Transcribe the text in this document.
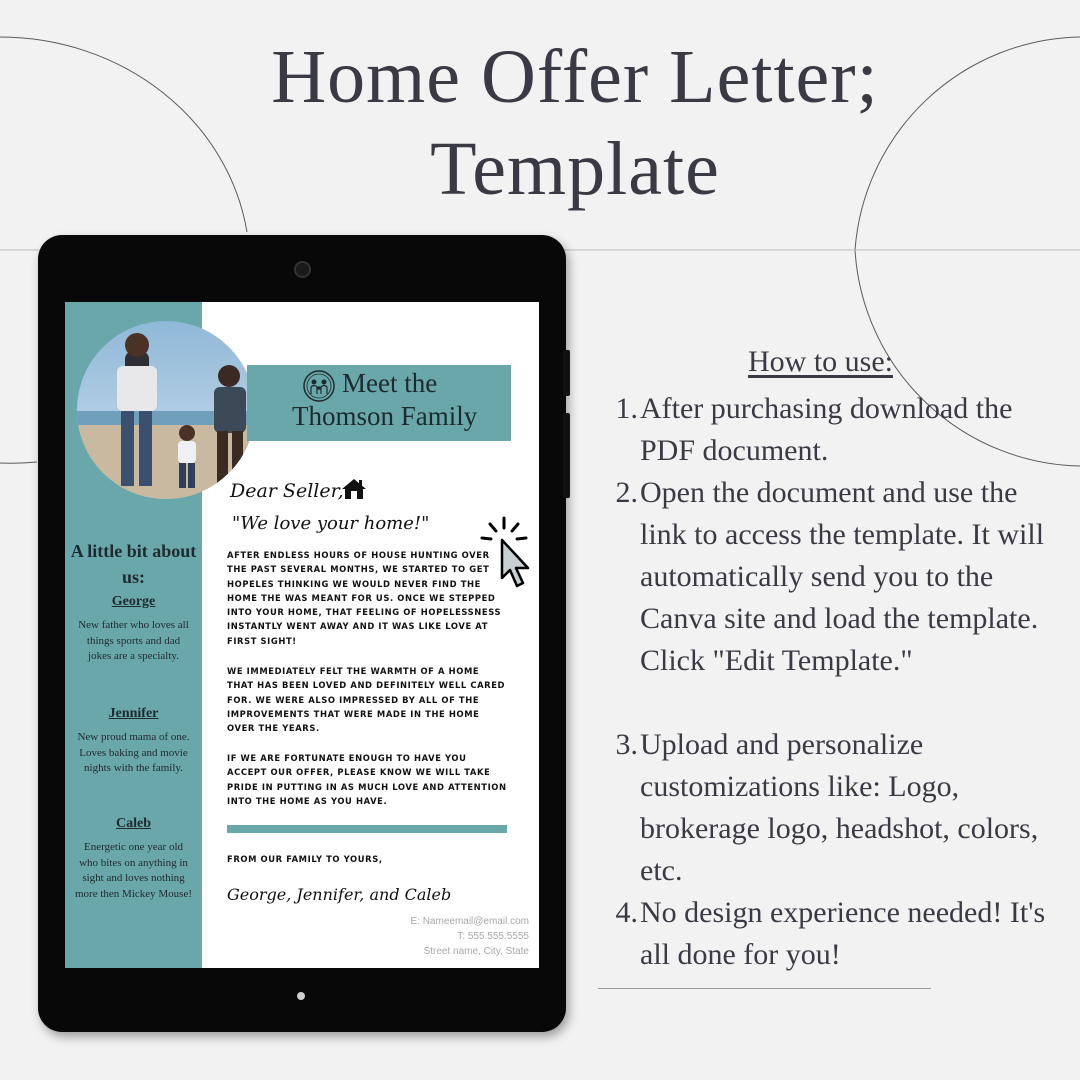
Home Offer Letter;
Template
A little bit about us:
George
New father who loves all things sports and dad jokes are a specialty.
Jennifer
New proud mama of one. Loves baking and movie nights with the family.
Caleb
Energetic one year old who bites on anything in sight and loves nothing more then Mickey Mouse!
Meet the
Thomson Family
Dear Seller,
"We love your home!"
AFTER ENDLESS HOURS OF HOUSE HUNTING OVER THE PAST SEVERAL MONTHS, WE STARTED TO GET HOPELES THINKING WE WOULD NEVER FIND THE HOME THE WAS MEANT FOR US. ONCE WE STEPPED INTO YOUR HOME, THAT FEELING OF HOPELESSNESS INSTANTLY WENT AWAY AND IT WAS LIKE LOVE AT FIRST SIGHT!
WE IMMEDIATELY FELT THE WARMTH OF A HOME THAT HAS BEEN LOVED AND DEFINITELY WELL CARED FOR. WE WERE ALSO IMPRESSED BY ALL OF THE IMPROVEMENTS THAT WERE MADE IN THE HOME OVER THE YEARS.
IF WE ARE FORTUNATE ENOUGH TO HAVE YOU ACCEPT OUR OFFER, PLEASE KNOW WE WILL TAKE PRIDE IN PUTTING IN AS MUCH LOVE AND ATTENTION INTO THE HOME AS YOU HAVE.
FROM OUR FAMILY TO YOURS,
George, Jennifer, and Caleb
E: Nameemail@email.com
T: 555.555.5555
Street name, City, State
How to use:
1. After purchasing download the PDF document.
2. Open the document and use the link to access the template. It will automatically send you to the Canva site and load the template. Click "Edit Template."
3. Upload and personalize customizations like: Logo, brokerage logo, headshot, colors, etc.
4. No design experience needed! It's all done for you!
